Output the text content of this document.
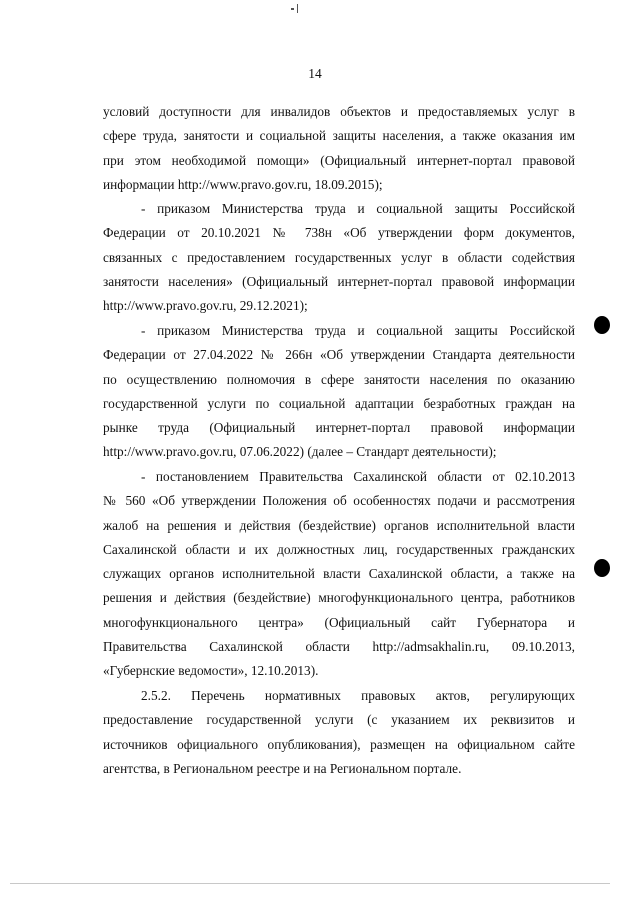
14
условий доступности для инвалидов объектов и предоставляемых услуг в
сфере труда, занятости и социальной защиты населения, а также оказания им
при этом необходимой помощи» (Официальный интернет-портал правовой
информации http://www.pravo.gov.ru, 18.09.2015);
- приказом Министерства труда и социальной защиты Российской
Федерации от 20.10.2021 № 738н «Об утверждении форм документов,
связанных с предоставлением государственных услуг в области содействия
занятости населения» (Официальный интернет-портал правовой информации
http://www.pravo.gov.ru, 29.12.2021);
- приказом Министерства труда и социальной защиты Российской
Федерации от 27.04.2022 № 266н «Об утверждении Стандарта деятельности
по осуществлению полномочия в сфере занятости населения по оказанию
государственной услуги по социальной адаптации безработных граждан на
рынке труда (Официальный интернет-портал правовой информации
http://www.pravo.gov.ru, 07.06.2022) (далее – Стандарт деятельности);
- постановлением Правительства Сахалинской области от 02.10.2013
№ 560 «Об утверждении Положения об особенностях подачи и рассмотрения
жалоб на решения и действия (бездействие) органов исполнительной власти
Сахалинской области и их должностных лиц, государственных гражданских
служащих органов исполнительной власти Сахалинской области, а также на
решения и действия (бездействие) многофункционального центра, работников
многофункционального центра» (Официальный сайт Губернатора и
Правительства Сахалинской области http://admsakhalin.ru, 09.10.2013,
«Губернские ведомости», 12.10.2013).
2.5.2. Перечень нормативных правовых актов, регулирующих
предоставление государственной услуги (с указанием их реквизитов и
источников официального опубликования), размещен на официальном сайте
агентства, в Региональном реестре и на Региональном портале.
